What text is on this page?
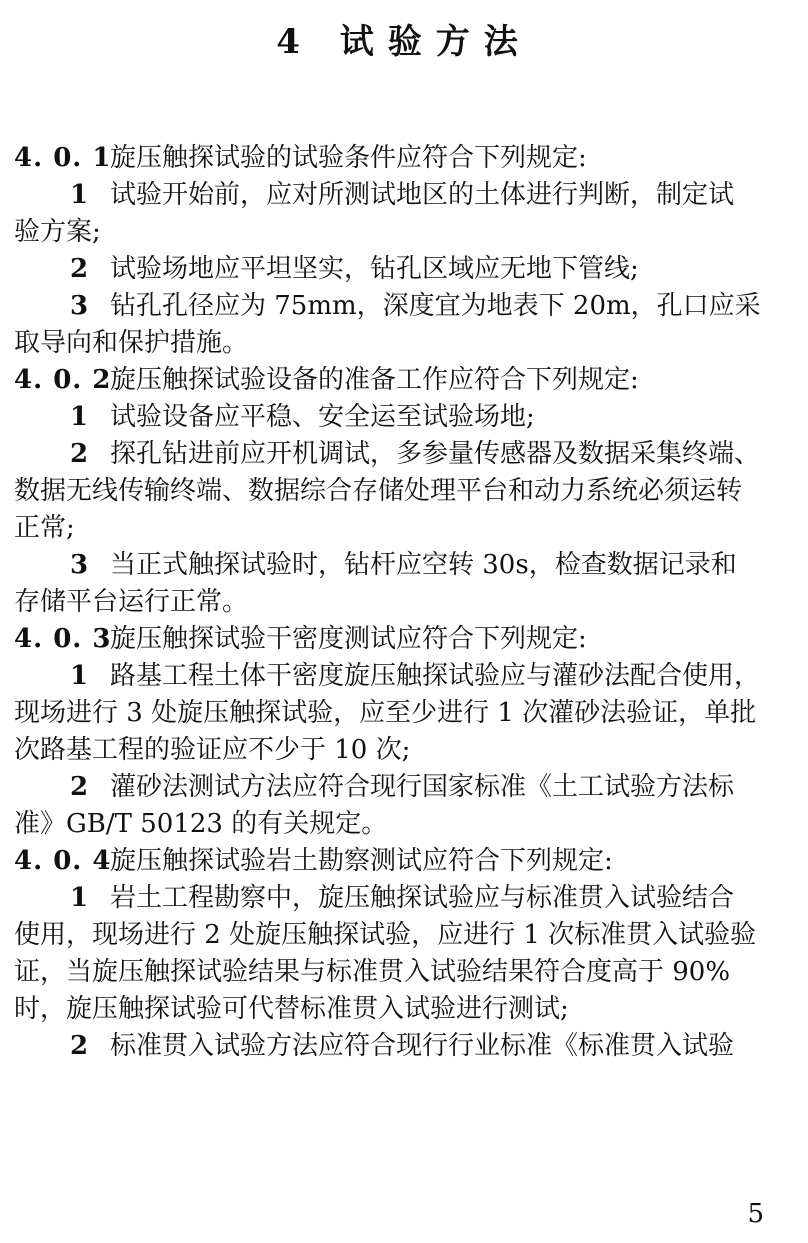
4 试验方法
4. 0. 1旋压触探试验的试验条件应符合下列规定:
1 试验开始前，应对所测试地区的土体进行判断，制定试
验方案;
2 试验场地应平坦坚实，钻孔区域应无地下管线;
3 钻孔孔径应为 75mm，深度宜为地表下 20m，孔口应采
取导向和保护措施。
4. 0. 2旋压触探试验设备的准备工作应符合下列规定:
1 试验设备应平稳、安全运至试验场地;
2 探孔钻进前应开机调试，多参量传感器及数据采集终端、
数据无线传输终端、数据综合存储处理平台和动力系统必须运转
正常;
3 当正式触探试验时，钻杆应空转 30s，检查数据记录和
存储平台运行正常。
4. 0. 3旋压触探试验干密度测试应符合下列规定:
1 路基工程土体干密度旋压触探试验应与灌砂法配合使用，
现场进行 3 处旋压触探试验，应至少进行 1 次灌砂法验证，单批
次路基工程的验证应不少于 10 次;
2 灌砂法测试方法应符合现行国家标准《土工试验方法标
准》GB/T 50123 的有关规定。
4. 0. 4旋压触探试验岩土勘察测试应符合下列规定:
1 岩土工程勘察中，旋压触探试验应与标准贯入试验结合
使用，现场进行 2 处旋压触探试验，应进行 1 次标准贯入试验验
证，当旋压触探试验结果与标准贯入试验结果符合度高于 90%
时，旋压触探试验可代替标准贯入试验进行测试;
2 标准贯入试验方法应符合现行行业标准《标准贯入试验
5
